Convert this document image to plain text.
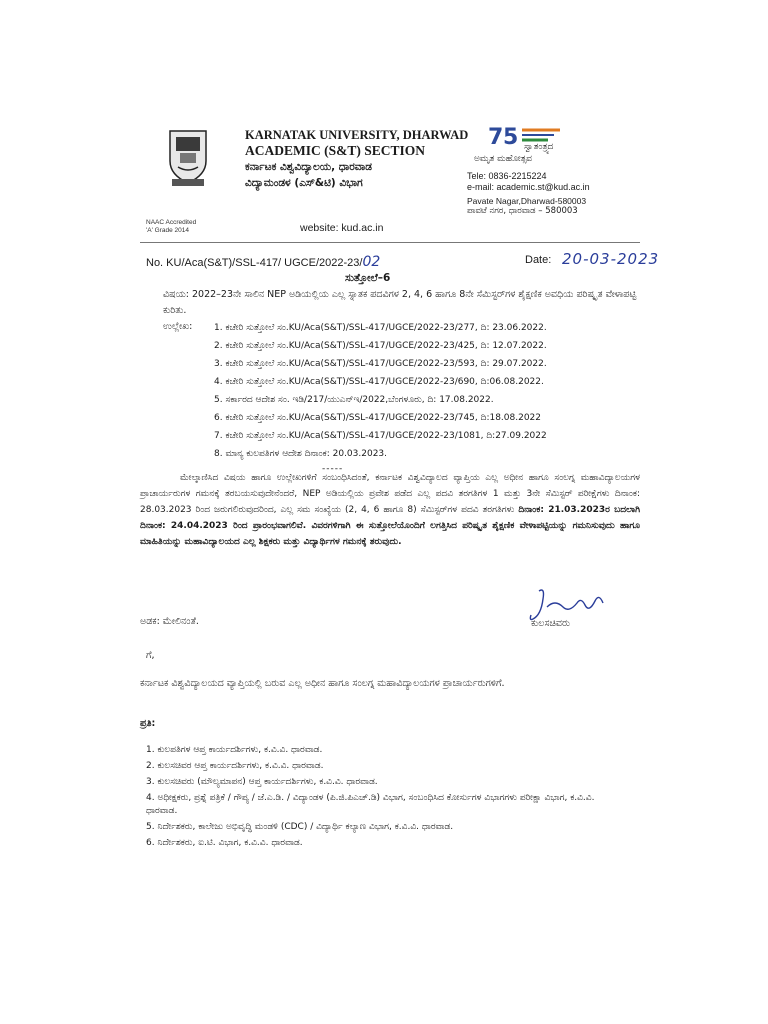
NAAC Accredited
'A' Grade 2014
KARNATAK UNIVERSITY, DHARWAD
ACADEMIC (S&T) SECTION
ಕರ್ನಾಟಕ ವಿಶ್ವವಿದ್ಯಾಲಯ, ಧಾರವಾಡ
ವಿದ್ಯಾಮಂಡಳ (ಎಸ್&ಟಿ) ವಿಭಾಗ
7 5 ಸ್ವಾತಂತ್ರ್ಯದ
ಅಮೃತ ಮಹೋತ್ಸವ
Tele: 0836-2215224
e-mail: academic.st@kud.ac.in
Pavate Nagar,Dharwad-580003
ಪಾವಟೆ ನಗರ, ಧಾರವಾಡ – 580003
website: kud.ac.in
No. KU/Aca(S&T)/SSL-417/ UGCE/2022-23/02	Date: 20-03-2023
ಸುತ್ತೋಲೆ–6
ವಿಷಯ: 2022–23ನೇ ಸಾಲಿನ NEP ಅಡಿಯಲ್ಲಿಯ ಎಲ್ಲ ಸ್ನಾತಕ ಪದವಿಗಳ 2, 4, 6 ಹಾಗೂ 8ನೇ ಸೆಮಿಸ್ಟರ್‌ಗಳ ಶೈಕ್ಷಣಿಕ ಅವಧಿಯ ಪರಿಷ್ಕೃತ ವೇಳಾಪಟ್ಟಿ ಕುರಿತು.
ಉಲ್ಲೇಖ: 1. ಕಚೇರಿ ಸುತ್ತೋಲೆ ಸಂ.KU/Aca(S&T)/SSL-417/UGCE/2022-23/277, ದಿ: 23.06.2022.
2. ಕಚೇರಿ ಸುತ್ತೋಲೆ ಸಂ.KU/Aca(S&T)/SSL-417/UGCE/2022-23/425, ದಿ: 12.07.2022.
3. ಕಚೇರಿ ಸುತ್ತೋಲೆ ಸಂ.KU/Aca(S&T)/SSL-417/UGCE/2022-23/593, ದಿ: 29.07.2022.
4. ಕಚೇರಿ ಸುತ್ತೋಲೆ ಸಂ.KU/Aca(S&T)/SSL-417/UGCE/2022-23/690, ದಿ:06.08.2022.
5. ಸರ್ಕಾರದ ಆದೇಶ ಸಂ. ಇಡಿ/217/ಯುಎನ್‌ಇ/2022,ಬೆಂಗಳೂರು, ದಿ: 17.08.2022.
6. ಕಚೇರಿ ಸುತ್ತೋಲೆ ಸಂ.KU/Aca(S&T)/SSL-417/UGCE/2022-23/745, ದಿ:18.08.2022
7. ಕಚೇರಿ ಸುತ್ತೋಲೆ ಸಂ.KU/Aca(S&T)/SSL-417/UGCE/2022-23/1081, ದಿ:27.09.2022
8. ಮಾನ್ಯ ಕುಲಪತಿಗಳ ಆದೇಶ ದಿನಾಂಕ: 20.03.2023.
-----
ಮೇಲ್ಕಾಣಿಸಿದ ವಿಷಯ ಹಾಗೂ ಉಲ್ಲೇಖಗಳಿಗೆ ಸಂಬಂಧಿಸಿದಂತೆ, ಕರ್ನಾಟಕ ವಿಶ್ವವಿದ್ಯಾಲದ ವ್ಯಾಪ್ತಿಯ ಎಲ್ಲ ಅಧೀನ ಹಾಗೂ ಸಂಲಗ್ನ ಮಹಾವಿದ್ಯಾಲಯಗಳ ಪ್ರಾಚಾರ್ಯರುಗಳ ಗಮನಕ್ಕೆ ತರಬಯಸುವುದೇನೆಂದರೆ, NEP ಅಡಿಯಲ್ಲಿಯ ಪ್ರವೇಶ ಪಡೆದ ಎಲ್ಲ ಪದವಿ ತರಗತಿಗಳ 1 ಮತ್ತು 3ನೇ ಸೆಮಿಸ್ಟರ್ ಪರೀಕ್ಷೆಗಳು ದಿನಾಂಕ: 28.03.2023 ರಿಂದ ಜರುಗಲಿರುವುದರಿಂದ, ಎಲ್ಲ ಸಮ ಸಂಖ್ಯೆಯ (2, 4, 6 ಹಾಗೂ 8) ಸೆಮಿಸ್ಟರ್‌ಗಳ ಪದವಿ ತರಗತಿಗಳು ದಿನಾಂಕ: 21.03.2023ರ ಬದಲಾಗಿ ದಿನಾಂಕ: 24.04.2023 ರಿಂದ ಪ್ರಾರಂಭವಾಗಲಿವೆ. ವಿವರಗಳಿಗಾಗಿ ಈ ಸುತ್ತೋಲೆಯೊಂದಿಗೆ ಲಗತ್ತಿಸಿದ ಪರಿಷ್ಕೃತ ಶೈಕ್ಷಣಿಕ ವೇಳಾಪಟ್ಟಿಯನ್ನು ಗಮನಿಸುವುದು ಹಾಗೂ ಮಾಹಿತಿಯನ್ನು ಮಹಾವಿದ್ಯಾಲಯದ ಎಲ್ಲ ಶಿಕ್ಷಕರು ಮತ್ತು ವಿದ್ಯಾರ್ಥಿಗಳ ಗಮನಕ್ಕೆ ತರುವುದು.
ಅಡಕ: ಮೇಲಿನಂತೆ.	ಕುಲಸಚಿವರು
ಗೆ,
ಕರ್ನಾಟಕ ವಿಶ್ವವಿದ್ಯಾಲಯದ ವ್ಯಾಪ್ತಿಯಲ್ಲಿ ಬರುವ ಎಲ್ಲ ಅಧೀನ ಹಾಗೂ ಸಂಲಗ್ನ ಮಹಾವಿದ್ಯಾಲಯಗಳ ಪ್ರಾಚಾರ್ಯರುಗಳಿಗೆ.
ಪ್ರತಿ:
1. ಕುಲಪತಿಗಳ ಆಪ್ತ ಕಾರ್ಯದರ್ಶಿಗಳು, ಕ.ವಿ.ವಿ. ಧಾರವಾಡ.
2. ಕುಲಸಚಿವರ ಆಪ್ತ ಕಾರ್ಯದರ್ಶಿಗಳು, ಕ.ವಿ.ವಿ. ಧಾರವಾಡ.
3. ಕುಲಸಚಿವರು (ಮೌಲ್ಯಮಾಪನ) ಆಪ್ತ ಕಾರ್ಯದರ್ಶಿಗಳು, ಕ.ವಿ.ವಿ. ಧಾರವಾಡ.
4. ಅಧೀಕ್ಷಕರು, ಪ್ರಶ್ನೆ ಪತ್ರಿಕೆ / ಗೌಪ್ಯ / ಜೆ.ಎ.ಡಿ. / ವಿದ್ಯಾಂಡಳ (ಪಿ.ಜಿ.ಪಿಎಚ್.ಡಿ) ವಿಭಾಗ, ಸಂಬಂಧಿಸಿದ ಕೋರ್ಸುಗಳ ವಿಭಾಗಗಳು ಪರೀಕ್ಷಾ ವಿಭಾಗ, ಕ.ವಿ.ವಿ. ಧಾರವಾಡ.
5. ನಿರ್ದೇಶಕರು, ಕಾಲೇಜು ಅಭಿವೃದ್ಧಿ ಮಂಡಳಿ (CDC) / ವಿದ್ಯಾರ್ಥಿ ಕಲ್ಯಾಣ ವಿಭಾಗ, ಕ.ವಿ.ವಿ. ಧಾರವಾಡ.
6. ನಿರ್ದೇಶಕರು, ಐ.ಟಿ. ವಿಭಾಗ, ಕ.ವಿ.ವಿ. ಧಾರವಾಡ.
